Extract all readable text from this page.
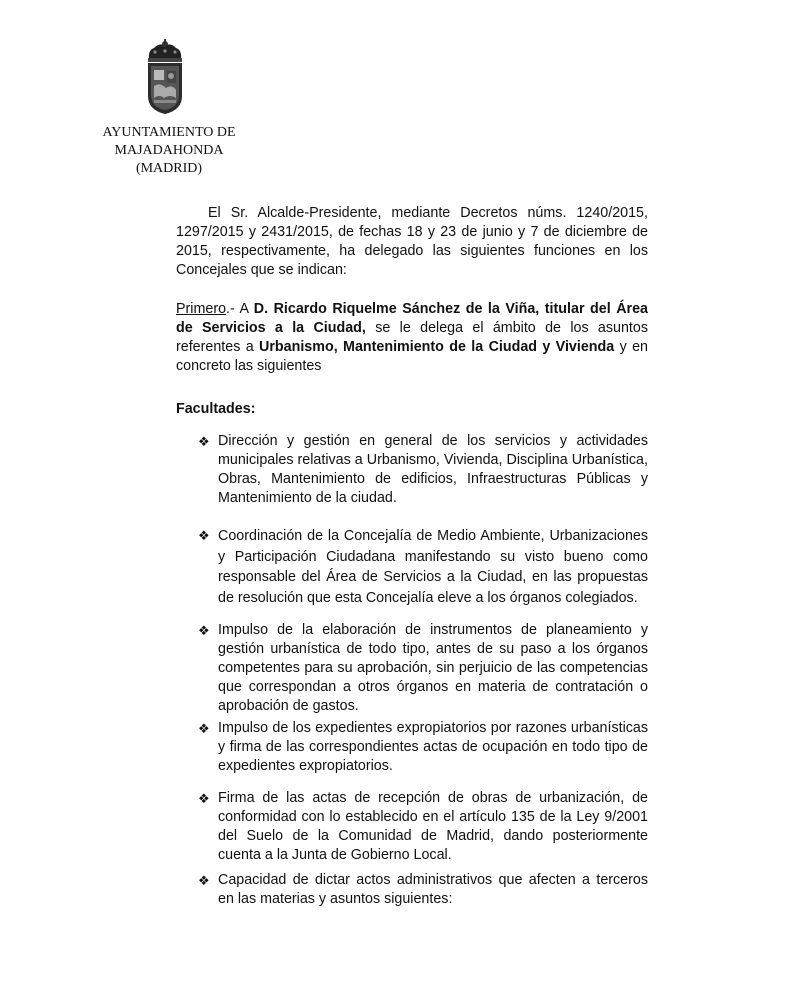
AYUNTAMIENTO DE
MAJADAHONDA
(MADRID)

El Sr. Alcalde-Presidente, mediante Decretos núms. 1240/2015, 1297/2015 y 2431/2015, de fechas 18 y 23 de junio y 7 de diciembre de 2015, respectivamente, ha delegado las siguientes funciones en los Concejales que se indican:

Primero.- A D. Ricardo Riquelme Sánchez de la Viña, titular del Área de Servicios a la Ciudad, se le delega el ámbito de los asuntos referentes a Urbanismo, Mantenimiento de la Ciudad y Vivienda y en concreto las siguientes

Facultades:
❖ Dirección y gestión en general de los servicios y actividades municipales relativas a Urbanismo, Vivienda, Disciplina Urbanística, Obras, Mantenimiento de edificios, Infraestructuras Públicas y Mantenimiento de la ciudad.
❖ Coordinación de la Concejalía de Medio Ambiente, Urbanizaciones y Participación Ciudadana manifestando su visto bueno como responsable del Área de Servicios a la Ciudad, en las propuestas de resolución que esta Concejalía eleve a los órganos colegiados.
❖ Impulso de la elaboración de instrumentos de planeamiento y gestión urbanística de todo tipo, antes de su paso a los órganos competentes para su aprobación, sin perjuicio de las competencias que correspondan a otros órganos en materia de contratación o aprobación de gastos.
❖ Impulso de los expedientes expropiatorios por razones urbanísticas y firma de las correspondientes actas de ocupación en todo tipo de expedientes expropiatorios.
❖ Firma de las actas de recepción de obras de urbanización, de conformidad con lo establecido en el artículo 135 de la Ley 9/2001 del Suelo de la Comunidad de Madrid, dando posteriormente cuenta a la Junta de Gobierno Local.
❖ Capacidad de dictar actos administrativos que afecten a terceros en las materias y asuntos siguientes:
